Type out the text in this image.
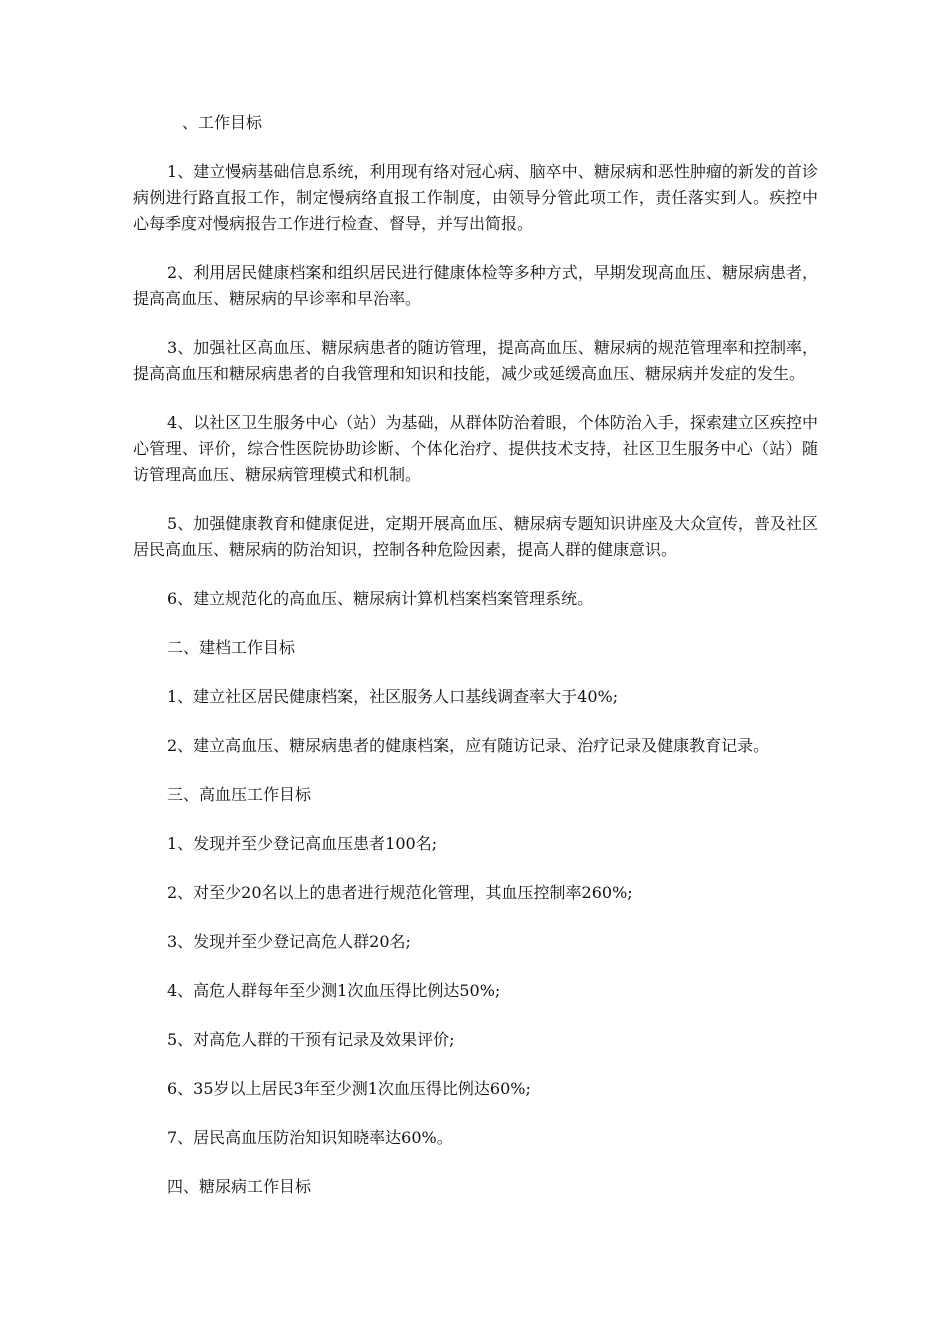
、工作目标

1、建立慢病基础信息系统，利用现有络对冠心病、脑卒中、糖尿病和恶性肿瘤的新发的首诊病例进行路直报工作，制定慢病络直报工作制度，由领导分管此项工作，责任落实到人。疾控中心每季度对慢病报告工作进行检查、督导，并写出简报。

2、利用居民健康档案和组织居民进行健康体检等多种方式，早期发现高血压、糖尿病患者，提高高血压、糖尿病的早诊率和早治率。

3、加强社区高血压、糖尿病患者的随访管理，提高高血压、糖尿病的规范管理率和控制率，提高高血压和糖尿病患者的自我管理和知识和技能，减少或延缓高血压、糖尿病并发症的发生。

4、以社区卫生服务中心（站）为基础，从群体防治着眼，个体防治入手，探索建立区疾控中心管理、评价，综合性医院协助诊断、个体化治疗、提供技术支持，社区卫生服务中心（站）随访管理高血压、糖尿病管理模式和机制。

5、加强健康教育和健康促进，定期开展高血压、糖尿病专题知识讲座及大众宣传，普及社区居民高血压、糖尿病的防治知识，控制各种危险因素，提高人群的健康意识。

6、建立规范化的高血压、糖尿病计算机档案档案管理系统。

二、建档工作目标

1、建立社区居民健康档案，社区服务人口基线调查率大于40%;

2、建立高血压、糖尿病患者的健康档案，应有随访记录、治疗记录及健康教育记录。

三、高血压工作目标

1、发现并至少登记高血压患者100名;

2、对至少20名以上的患者进行规范化管理，其血压控制率260%;

3、发现并至少登记高危人群20名;

4、高危人群每年至少测1次血压得比例达50%;

5、对高危人群的干预有记录及效果评价;

6、35岁以上居民3年至少测1次血压得比例达60%;

7、居民高血压防治知识知晓率达60%。

四、糖尿病工作目标
